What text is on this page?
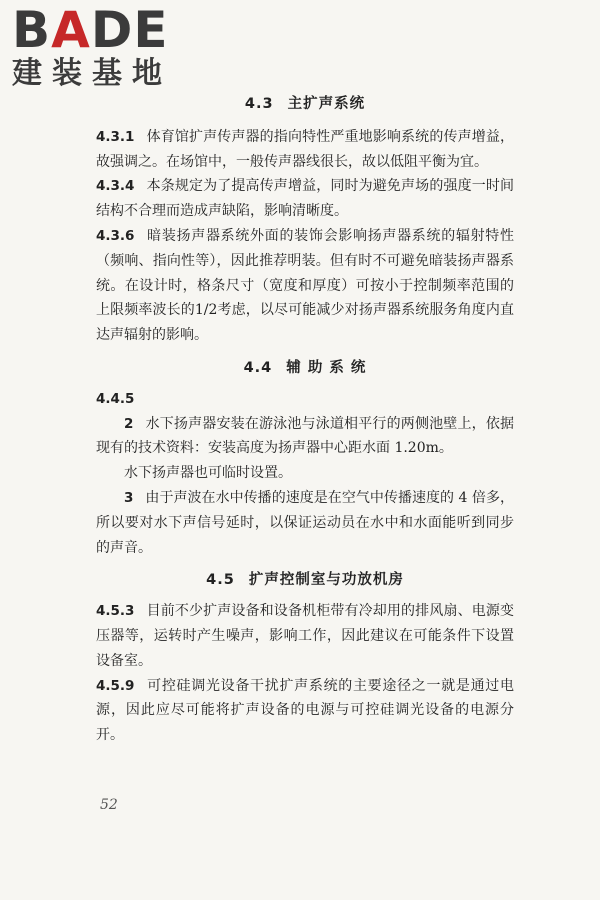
BADE
建装基地
4.3 主扩声系统

4.3.1 体育馆扩声传声器的指向特性严重地影响系统的传声增益，故强调之。在场馆中，一般传声器线很长，故以低阻平衡为宜。

4.3.4 本条规定为了提高传声增益，同时为避免声场的强度一时间结构不合理而造成声缺陷，影响清晰度。

4.3.6 暗装扬声器系统外面的装饰会影响扬声器系统的辐射特性（频响、指向性等），因此推荐明装。但有时不可避免暗装扬声器系统。在设计时，格条尺寸（宽度和厚度）可按小于控制频率范围的上限频率波长的1/2考虑，以尽可能减少对扬声器系统服务角度内直达声辐射的影响。

4.4 辅 助 系 统

4.4.5

2 水下扬声器安装在游泳池与泳道相平行的两侧池壁上，依据现有的技术资料：安装高度为扬声器中心距水面 1.20m。

水下扬声器也可临时设置。

3 由于声波在水中传播的速度是在空气中传播速度的 4 倍多，所以要对水下声信号延时，以保证运动员在水中和水面能听到同步的声音。

4.5 扩声控制室与功放机房

4.5.3 目前不少扩声设备和设备机柜带有冷却用的排风扇、电源变压器等，运转时产生噪声，影响工作，因此建议在可能条件下设置设备室。

4.5.9 可控硅调光设备干扰扩声系统的主要途径之一就是通过电源，因此应尽可能将扩声设备的电源与可控硅调光设备的电源分开。

52
